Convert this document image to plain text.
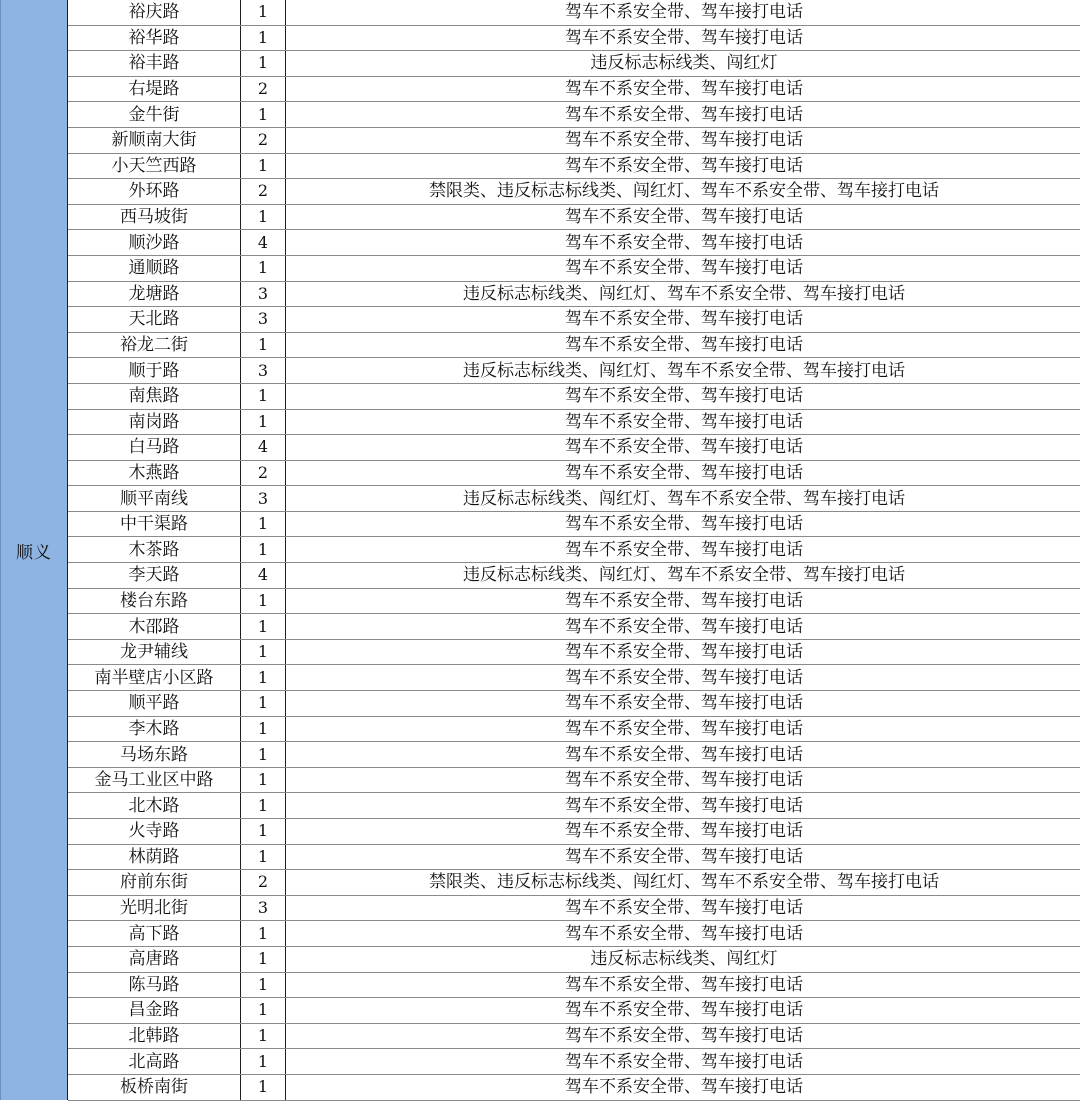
顺义
裕庆路	1	驾车不系安全带、驾车接打电话
裕华路	1	驾车不系安全带、驾车接打电话
裕丰路	1	违反标志标线类、闯红灯
右堤路	2	驾车不系安全带、驾车接打电话
金牛街	1	驾车不系安全带、驾车接打电话
新顺南大街	2	驾车不系安全带、驾车接打电话
小天竺西路	1	驾车不系安全带、驾车接打电话
外环路	2	禁限类、违反标志标线类、闯红灯、驾车不系安全带、驾车接打电话
西马坡街	1	驾车不系安全带、驾车接打电话
顺沙路	4	驾车不系安全带、驾车接打电话
通顺路	1	驾车不系安全带、驾车接打电话
龙塘路	3	违反标志标线类、闯红灯、驾车不系安全带、驾车接打电话
天北路	3	驾车不系安全带、驾车接打电话
裕龙二街	1	驾车不系安全带、驾车接打电话
顺于路	3	违反标志标线类、闯红灯、驾车不系安全带、驾车接打电话
南焦路	1	驾车不系安全带、驾车接打电话
南岗路	1	驾车不系安全带、驾车接打电话
白马路	4	驾车不系安全带、驾车接打电话
木燕路	2	驾车不系安全带、驾车接打电话
顺平南线	3	违反标志标线类、闯红灯、驾车不系安全带、驾车接打电话
中干渠路	1	驾车不系安全带、驾车接打电话
木茶路	1	驾车不系安全带、驾车接打电话
李天路	4	违反标志标线类、闯红灯、驾车不系安全带、驾车接打电话
楼台东路	1	驾车不系安全带、驾车接打电话
木邵路	1	驾车不系安全带、驾车接打电话
龙尹辅线	1	驾车不系安全带、驾车接打电话
南半壁店小区路	1	驾车不系安全带、驾车接打电话
顺平路	1	驾车不系安全带、驾车接打电话
李木路	1	驾车不系安全带、驾车接打电话
马场东路	1	驾车不系安全带、驾车接打电话
金马工业区中路	1	驾车不系安全带、驾车接打电话
北木路	1	驾车不系安全带、驾车接打电话
火寺路	1	驾车不系安全带、驾车接打电话
林荫路	1	驾车不系安全带、驾车接打电话
府前东街	2	禁限类、违反标志标线类、闯红灯、驾车不系安全带、驾车接打电话
光明北街	3	驾车不系安全带、驾车接打电话
高下路	1	驾车不系安全带、驾车接打电话
高唐路	1	违反标志标线类、闯红灯
陈马路	1	驾车不系安全带、驾车接打电话
昌金路	1	驾车不系安全带、驾车接打电话
北韩路	1	驾车不系安全带、驾车接打电话
北高路	1	驾车不系安全带、驾车接打电话
板桥南街	1	驾车不系安全带、驾车接打电话
